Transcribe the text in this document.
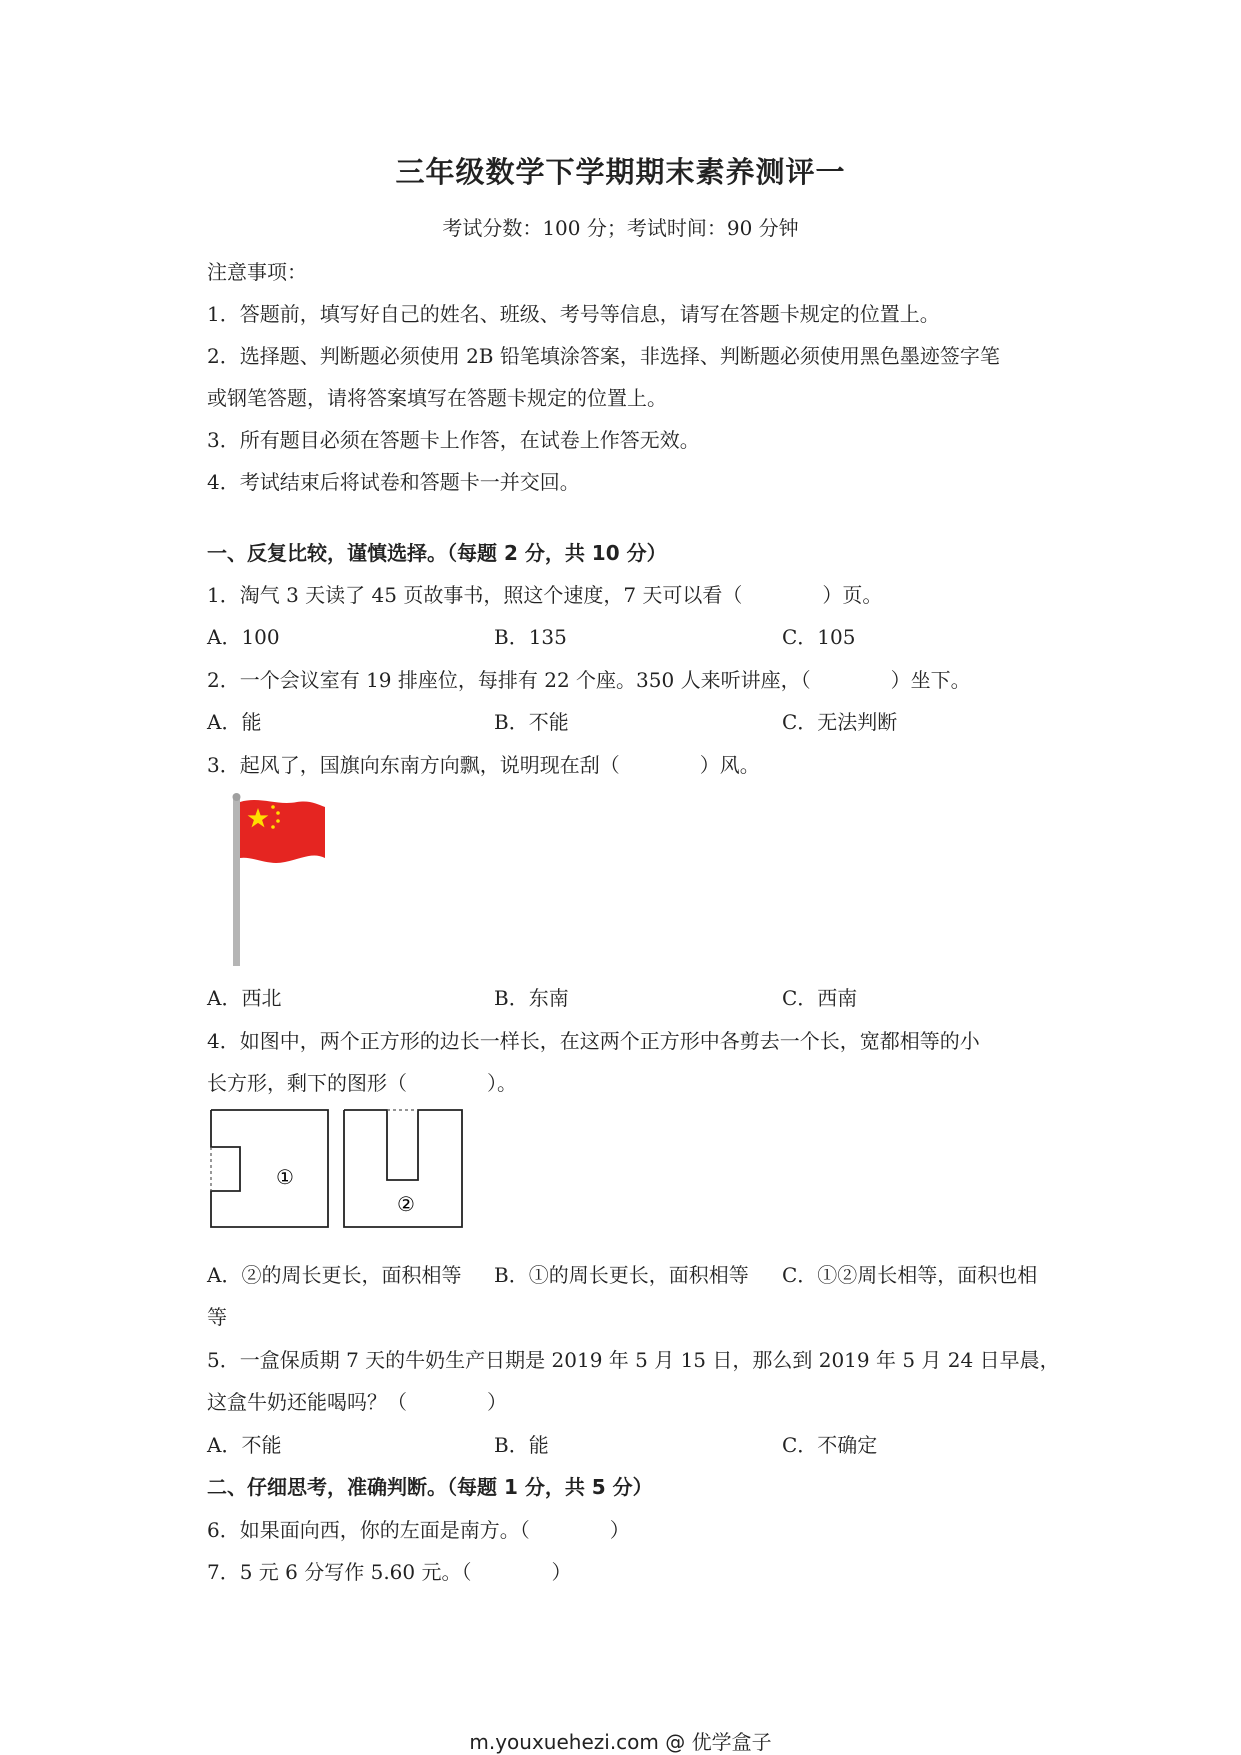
三年级数学下学期期末素养测评一
考试分数：100 分；考试时间：90 分钟
注意事项：
1．答题前，填写好自己的姓名、班级、考号等信息，请写在答题卡规定的位置上。
2．选择题、判断题必须使用 2B 铅笔填涂答案，非选择、判断题必须使用黑色墨迹签字笔
或钢笔答题，请将答案填写在答题卡规定的位置上。
3．所有题目必须在答题卡上作答，在试卷上作答无效。
4．考试结束后将试卷和答题卡一并交回。
一、反复比较，谨慎选择。（每题 2 分，共 10 分）
1．淘气 3 天读了 45 页故事书，照这个速度，7 天可以看（　　　　）页。
A．100	B．135	C．105
2．一个会议室有 19 排座位，每排有 22 个座。350 人来听讲座，（　　　　）坐下。
A．能	B．不能	C．无法判断
3．起风了，国旗向东南方向飘，说明现在刮（　　　　）风。
A．西北	B．东南	C．西南
4．如图中，两个正方形的边长一样长，在这两个正方形中各剪去一个长，宽都相等的小
长方形，剩下的图形（　　　　）。
①
②
A．②的周长更长，面积相等 B．①的周长更长，面积相等 C．①②周长相等，面积也相
等
5．一盒保质期 7 天的牛奶生产日期是 2019 年 5 月 15 日，那么到 2019 年 5 月 24 日早晨，
这盒牛奶还能喝吗？（　　　　）
A．不能	B．能	C．不确定
二、仔细思考，准确判断。（每题 1 分，共 5 分）
6．如果面向西，你的左面是南方。（　　　　）
7．5 元 6 分写作 5.60 元。（　　　　）
m.youxuehezi.com @ 优学盒子
